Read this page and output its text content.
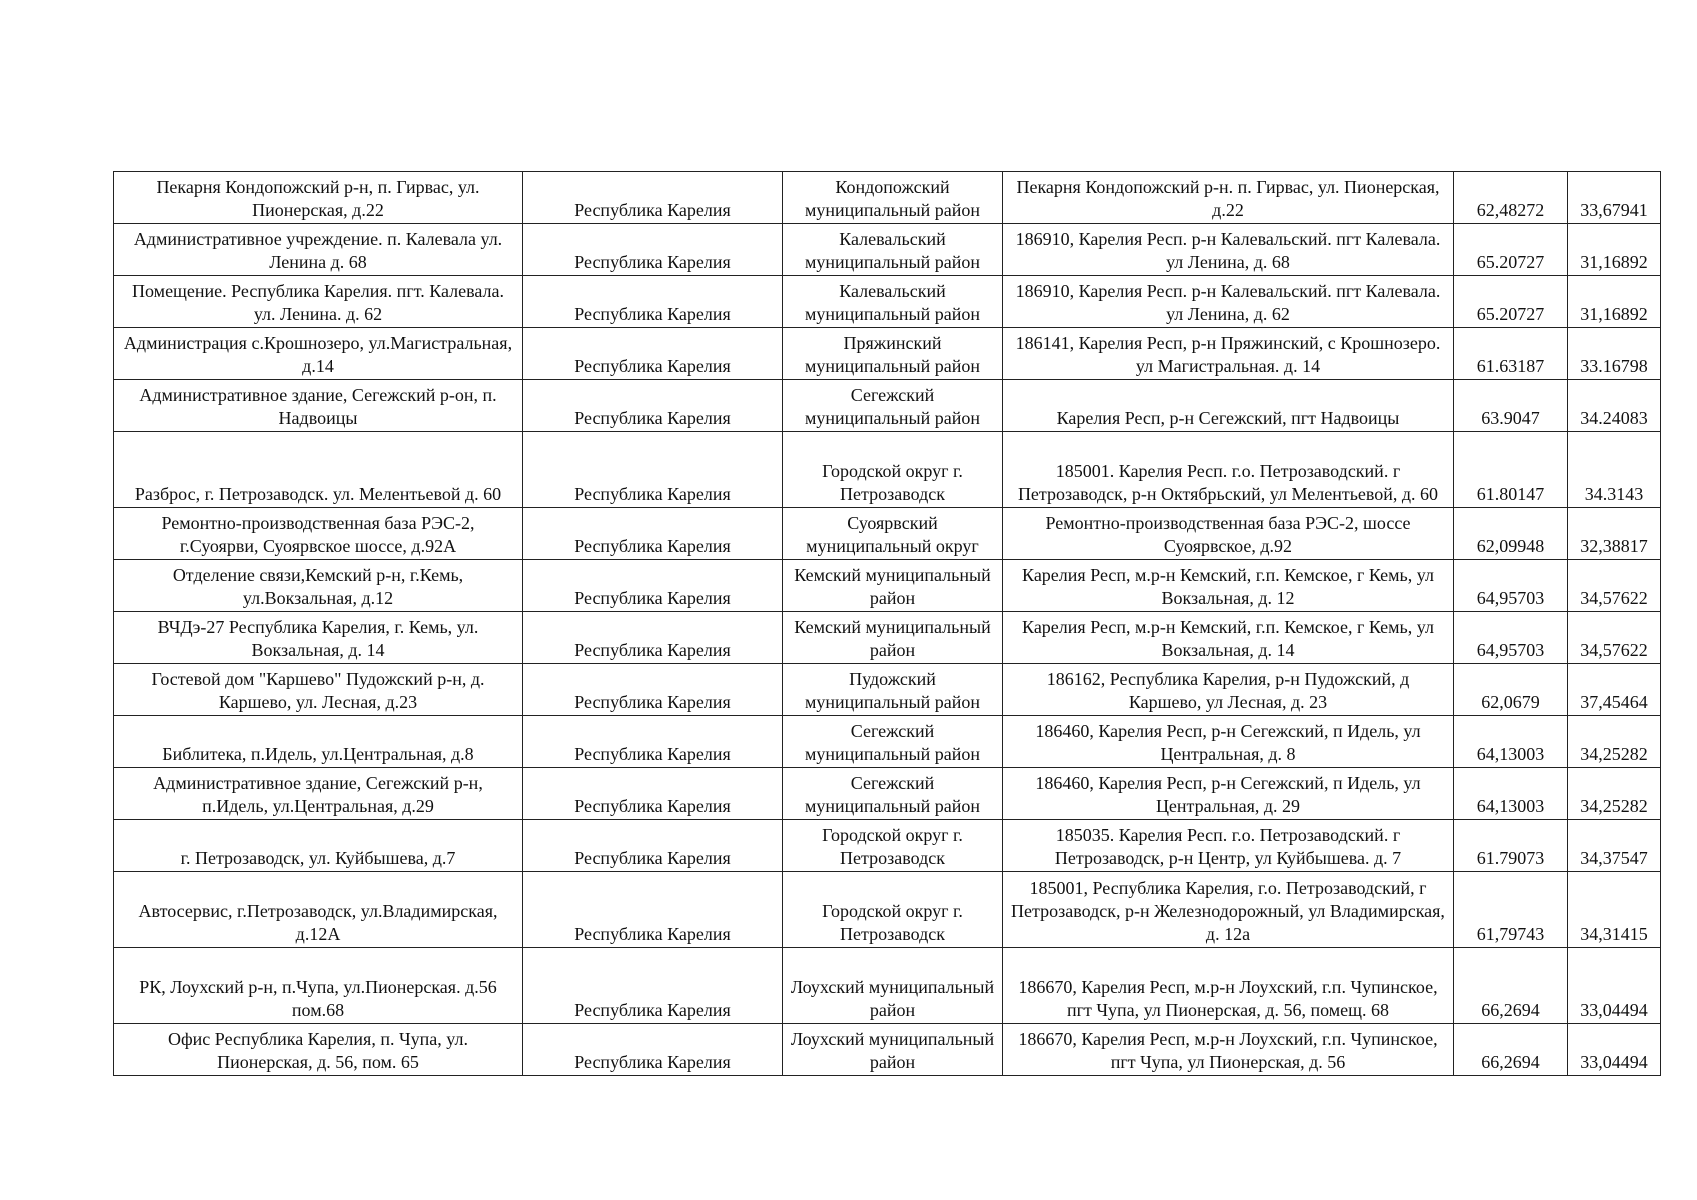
Пекарня Кондопожский р-н, п. Гирвас, ул. Пионерская, д.22	Республика Карелия	Кондопожский муниципальный район	Пекарня Кондопожский р-н. п. Гирвас, ул. Пионерская, д.22	62,48272	33,67941
Административное учреждение. п. Калевала ул. Ленина д. 68	Республика Карелия	Калевальский муниципальный район	186910, Карелия Респ. р-н Калевальский. пгт Калевала. ул Ленина, д. 68	65.20727	31,16892
Помещение. Республика Карелия. пгт. Калевала. ул. Ленина. д. 62	Республика Карелия	Калевальский муниципальный район	186910, Карелия Респ. р-н Калевальский. пгт Калевала. ул Ленина, д. 62	65.20727	31,16892
Администрация с.Крошнозеро, ул.Магистральная, д.14	Республика Карелия	Пряжинский муниципальный район	186141, Карелия Респ, р-н Пряжинский, с Крошнозеро. ул Магистральная. д. 14	61.63187	33.16798
Административное здание, Сегежский р-он, п. Надвоицы	Республика Карелия	Сегежский муниципальный район	Карелия Респ, р-н Сегежский, пгт Надвоицы	63.9047	34.24083
Разброс, г. Петрозаводск. ул. Мелентьевой д. 60	Республика Карелия	Городской округ г. Петрозаводск	185001. Карелия Респ. г.о. Петрозаводский. г Петрозаводск, р-н Октябрьский, ул Мелентьевой, д. 60	61.80147	34.3143
Ремонтно-производственная база РЭС-2, г.Суоярви, Суоярвское шоссе, д.92А	Республика Карелия	Суоярвский муниципальный округ	Ремонтно-производственная база РЭС-2, шоссе Суоярвское, д.92	62,09948	32,38817
Отделение связи,Кемский р-н, г.Кемь, ул.Вокзальная, д.12	Республика Карелия	Кемский муниципальный район	Карелия Респ, м.р-н Кемский, г.п. Кемское, г Кемь, ул Вокзальная, д. 12	64,95703	34,57622
ВЧДэ-27 Республика Карелия, г. Кемь, ул. Вокзальная, д. 14	Республика Карелия	Кемский муниципальный район	Карелия Респ, м.р-н Кемский, г.п. Кемское, г Кемь, ул Вокзальная, д. 14	64,95703	34,57622
Гостевой дом "Каршево" Пудожский р-н, д. Каршево, ул. Лесная, д.23	Республика Карелия	Пудожский муниципальный район	186162, Республика Карелия, р-н Пудожский, д Каршево, ул Лесная, д. 23	62,0679	37,45464
Библитека, п.Идель, ул.Центральная, д.8	Республика Карелия	Сегежский муниципальный район	186460, Карелия Респ, р-н Сегежский, п Идель, ул Центральная, д. 8	64,13003	34,25282
Административное здание, Сегежский р-н, п.Идель, ул.Центральная, д.29	Республика Карелия	Сегежский муниципальный район	186460, Карелия Респ, р-н Сегежский, п Идель, ул Центральная, д. 29	64,13003	34,25282
г. Петрозаводск, ул. Куйбышева, д.7	Республика Карелия	Городской округ г. Петрозаводск	185035. Карелия Респ. г.о. Петрозаводский. г Петрозаводск, р-н Центр, ул Куйбышева. д. 7	61.79073	34,37547
Автосервис, г.Петрозаводск, ул.Владимирская, д.12А	Республика Карелия	Городской округ г. Петрозаводск	185001, Республика Карелия, г.о. Петрозаводский, г Петрозаводск, р-н Железнодорожный, ул Владимирская, д. 12а	61,79743	34,31415
РК, Лоухский р-н, п.Чупа, ул.Пионерская. д.56 пом.68	Республика Карелия	Лоухский муниципальный район	186670, Карелия Респ, м.р-н Лоухский, г.п. Чупинское, пгт Чупа, ул Пионерская, д. 56, помещ. 68	66,2694	33,04494
Офис Республика Карелия, п. Чупа, ул. Пионерская, д. 56, пом. 65	Республика Карелия	Лоухский муниципальный район	186670, Карелия Респ, м.р-н Лоухский, г.п. Чупинское, пгт Чупа, ул Пионерская, д. 56	66,2694	33,04494
